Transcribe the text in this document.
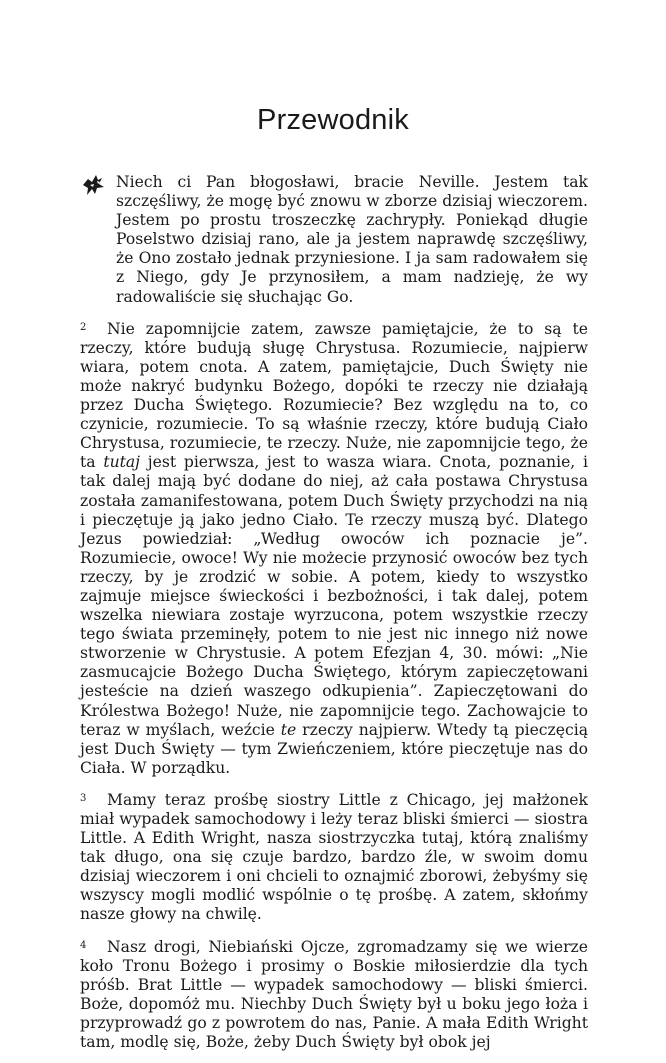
Przewodnik
Niech ci Pan błogosławi, bracie Neville. Jestem tak szczęśliwy, że mogę być znowu w zborze dzisiaj wieczorem. Jestem po prostu troszeczkę zachrypły. Poniekąd długie Poselstwo dzisiaj rano, ale ja jestem naprawdę szczęśliwy, że Ono zostało jednak przyniesione. I ja sam radowałem się z Niego, gdy Je przynosiłem, a mam nadzieję, że wy radowaliście się słuchając Go.
2 Nie zapomnijcie zatem, zawsze pamiętajcie, że to są te rzeczy, które budują sługę Chrystusa. Rozumiecie, najpierw wiara, potem cnota. A zatem, pamiętajcie, Duch Święty nie może nakryć budynku Bożego, dopóki te rzeczy nie działają przez Ducha Świętego. Rozumiecie? Bez względu na to, co czynicie, rozumiecie. To są właśnie rzeczy, które budują Ciało Chrystusa, rozumiecie, te rzeczy. Nuże, nie zapomnijcie tego, że ta tutaj jest pierwsza, jest to wasza wiara. Cnota, poznanie, i tak dalej mają być dodane do niej, aż cała postawa Chrystusa została zamanifestowana, potem Duch Święty przychodzi na nią i pieczętuje ją jako jedno Ciało. Te rzeczy muszą być. Dlatego Jezus powiedział: „Według owoców ich poznacie je”. Rozumiecie, owoce! Wy nie możecie przynosić owoców bez tych rzeczy, by je zrodzić w sobie. A potem, kiedy to wszystko zajmuje miejsce świeckości i bezbożności, i tak dalej, potem wszelka niewiara zostaje wyrzucona, potem wszystkie rzeczy tego świata przeminęły, potem to nie jest nic innego niż nowe stworzenie w Chrystusie. A potem Efezjan 4, 30. mówi: „Nie zasmucajcie Bożego Ducha Świętego, którym zapieczętowani jesteście na dzień waszego odkupienia”. Zapieczętowani do Królestwa Bożego! Nuże, nie zapomnijcie tego. Zachowajcie to teraz w myślach, weźcie te rzeczy najpierw. Wtedy tą pieczęcią jest Duch Święty — tym Zwieńczeniem, które pieczętuje nas do Ciała. W porządku.
3 Mamy teraz prośbę siostry Little z Chicago, jej małżonek miał wypadek samochodowy i leży teraz bliski śmierci — siostra Little. A Edith Wright, nasza siostrzyczka tutaj, którą znaliśmy tak długo, ona się czuje bardzo, bardzo źle, w swoim domu dzisiaj wieczorem i oni chcieli to oznajmić zborowi, żebyśmy się wszyscy mogli modlić wspólnie o tę prośbę. A zatem, skłońmy nasze głowy na chwilę.
4 Nasz drogi, Niebiański Ojcze, zgromadzamy się we wierze koło Tronu Bożego i prosimy o Boskie miłosierdzie dla tych próśb. Brat Little — wypadek samochodowy — bliski śmierci. Boże, dopomóż mu. Niechby Duch Święty był u boku jego łoża i przyprowadź go z powrotem do nas, Panie. A mała Edith Wright tam, modlę się, Boże, żeby Duch Święty był obok jej
